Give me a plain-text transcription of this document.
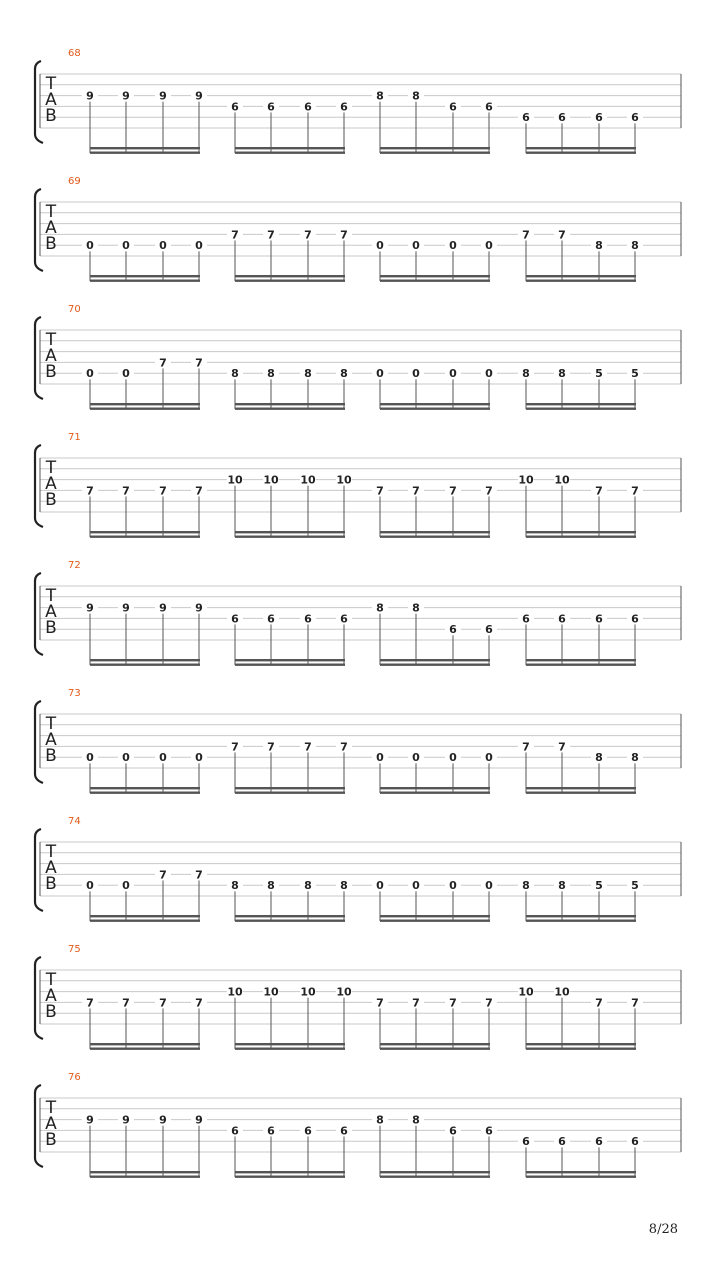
68
T
A
B
9	9	9	9
6	6	6	6
8	8
6	6
6	6	6	6
69
T
A
B	0	0	0	0
7	7	7	7
0	0	0	0
7	7
8	8
70
T
A
B	0	0
7	7
8	8	8	8	0	0	0	0	8	8	5	5
71
T
A
B	7	7	7	7
10 10 10 10
7	7	7	7
10 10
7	7
72
T
A
B
9	9	9	9
6	6	6	6
8	8
6	6
6	6	6	6
73
T
A
B	0	0	0	0
7	7	7	7
0	0	0	0
7	7
8	8
74
T
A
B	0	0
7	7
8	8	8	8	0	0	0	0	8	8	5	5
75
T
A
B	7	7	7	7
10 10 10 10
7	7	7	7
10 10
7	7
76
T
A
B
9	9	9	9
6	6	6	6
8	8
6	6
6	6	6	6
8/28
